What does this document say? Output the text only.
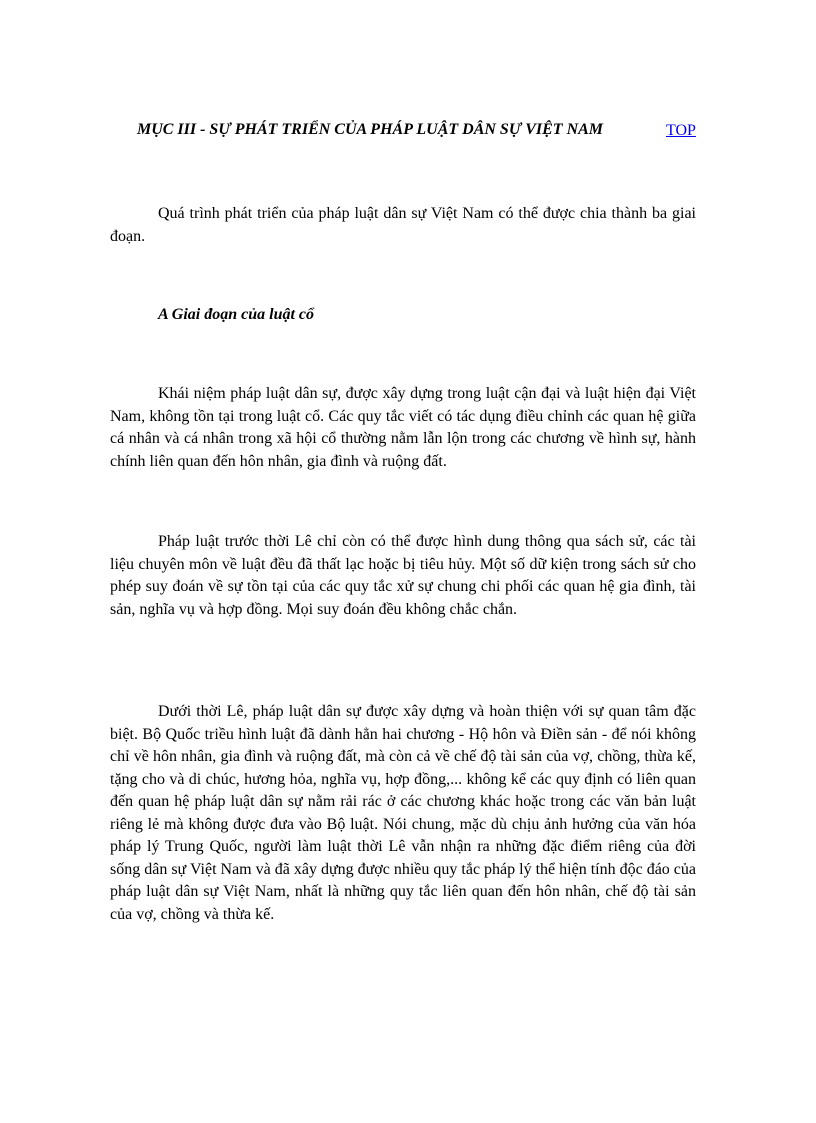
MỤC III - SỰ PHÁT TRIỂN CỦA PHÁP LUẬT DÂN SỰ VIỆT NAM	TOP

Quá trình phát triển của pháp luật dân sự Việt Nam có thể được chia thành ba giai đoạn.

A Giai đoạn của luật cổ

Khái niệm pháp luật dân sự, được xây dựng trong luật cận đại và luật hiện đại Việt Nam, không tồn tại trong luật cổ. Các quy tắc viết có tác dụng điều chỉnh các quan hệ giữa cá nhân và cá nhân trong xã hội cổ thường nằm lẫn lộn trong các chương về hình sự, hành chính liên quan đến hôn nhân, gia đình và ruộng đất.

Pháp luật trước thời Lê chỉ còn có thể được hình dung thông qua sách sử, các tài liệu chuyên môn về luật đều đã thất lạc hoặc bị tiêu hủy. Một số dữ kiện trong sách sử cho phép suy đoán về sự tồn tại của các quy tắc xử sự chung chi phối các quan hệ gia đình, tài sản, nghĩa vụ và hợp đồng. Mọi suy đoán đều không chắc chắn.

Dưới thời Lê, pháp luật dân sự được xây dựng và hoàn thiện với sự quan tâm đặc biệt. Bộ Quốc triều hình luật đã dành hẳn hai chương - Hộ hôn và Điền sản - để nói không chỉ về hôn nhân, gia đình và ruộng đất, mà còn cả về chế độ tài sản của vợ, chồng, thừa kế, tặng cho và di chúc, hương hỏa, nghĩa vụ, hợp đồng,... không kể các quy định có liên quan đến quan hệ pháp luật dân sự nằm rải rác ở các chương khác hoặc trong các văn bản luật riêng lẻ mà không được đưa vào Bộ luật. Nói chung, mặc dù chịu ảnh hưởng của văn hóa pháp lý Trung Quốc, người làm luật thời Lê vẫn nhận ra những đặc điểm riêng của đời sống dân sự Việt Nam và đã xây dựng được nhiều quy tắc pháp lý thể hiện tính độc đáo của pháp luật dân sự Việt Nam, nhất là những quy tắc liên quan đến hôn nhân, chế độ tài sản của vợ, chồng và thừa kế.
